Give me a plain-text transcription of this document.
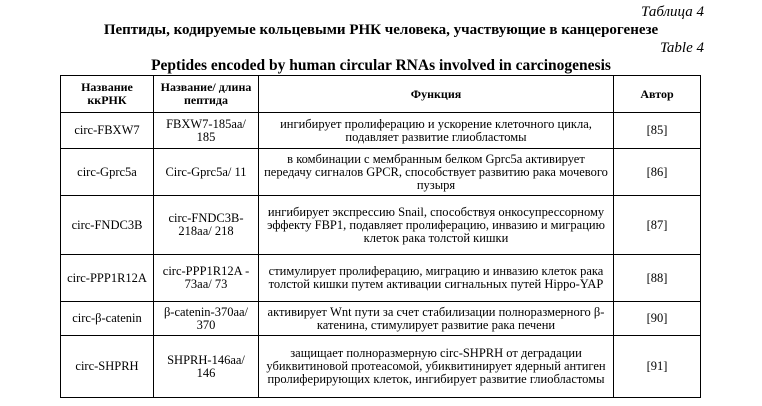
Таблица 4
Пептиды, кодируемые кольцевыми РНК человека, участвующие в канцерогенезе
Table 4
Peptides encoded by human circular RNAs involved in carcinogenesis
Название ккРНК	Название/ длина пептида	Функция	Автор
circ-FBXW7	FBXW7-185aa/ 185	ингибирует пролиферацию и ускорение клеточного цикла, подавляет развитие глиобластомы	[85]
circ-Gprc5a	Circ-Gprc5a/ 11	в комбинации с мембранным белком Gprc5a активирует передачу сигналов GPCR, способствует развитию рака мочевого пузыря	[86]
circ-FNDC3B	circ-FNDC3B-218aa/ 218	ингибирует экспрессию Snail, способствуя онкосупрессорному эффекту FBP1, подавляет пролиферацию, инвазию и миграцию клеток рака толстой кишки	[87]
circ-PPP1R12A	circ-PPP1R12A - 73aa/ 73	стимулирует пролиферацию, миграцию и инвазию клеток рака толстой кишки путем активации сигнальных путей Hippo-YAP	[88]
circ-β-catenin	β-catenin-370aa/ 370	активирует Wnt пути за счет стабилизации полноразмерного β-катенина, стимулирует развитие рака печени	[90]
circ-SHPRH	SHPRH-146aa/ 146	защищает полноразмерную circ-SHPRH от деградации убиквитиновой протеасомой, убиквитинирует ядерный антиген пролиферирующих клеток, ингибирует развитие глиобластомы	[91]
